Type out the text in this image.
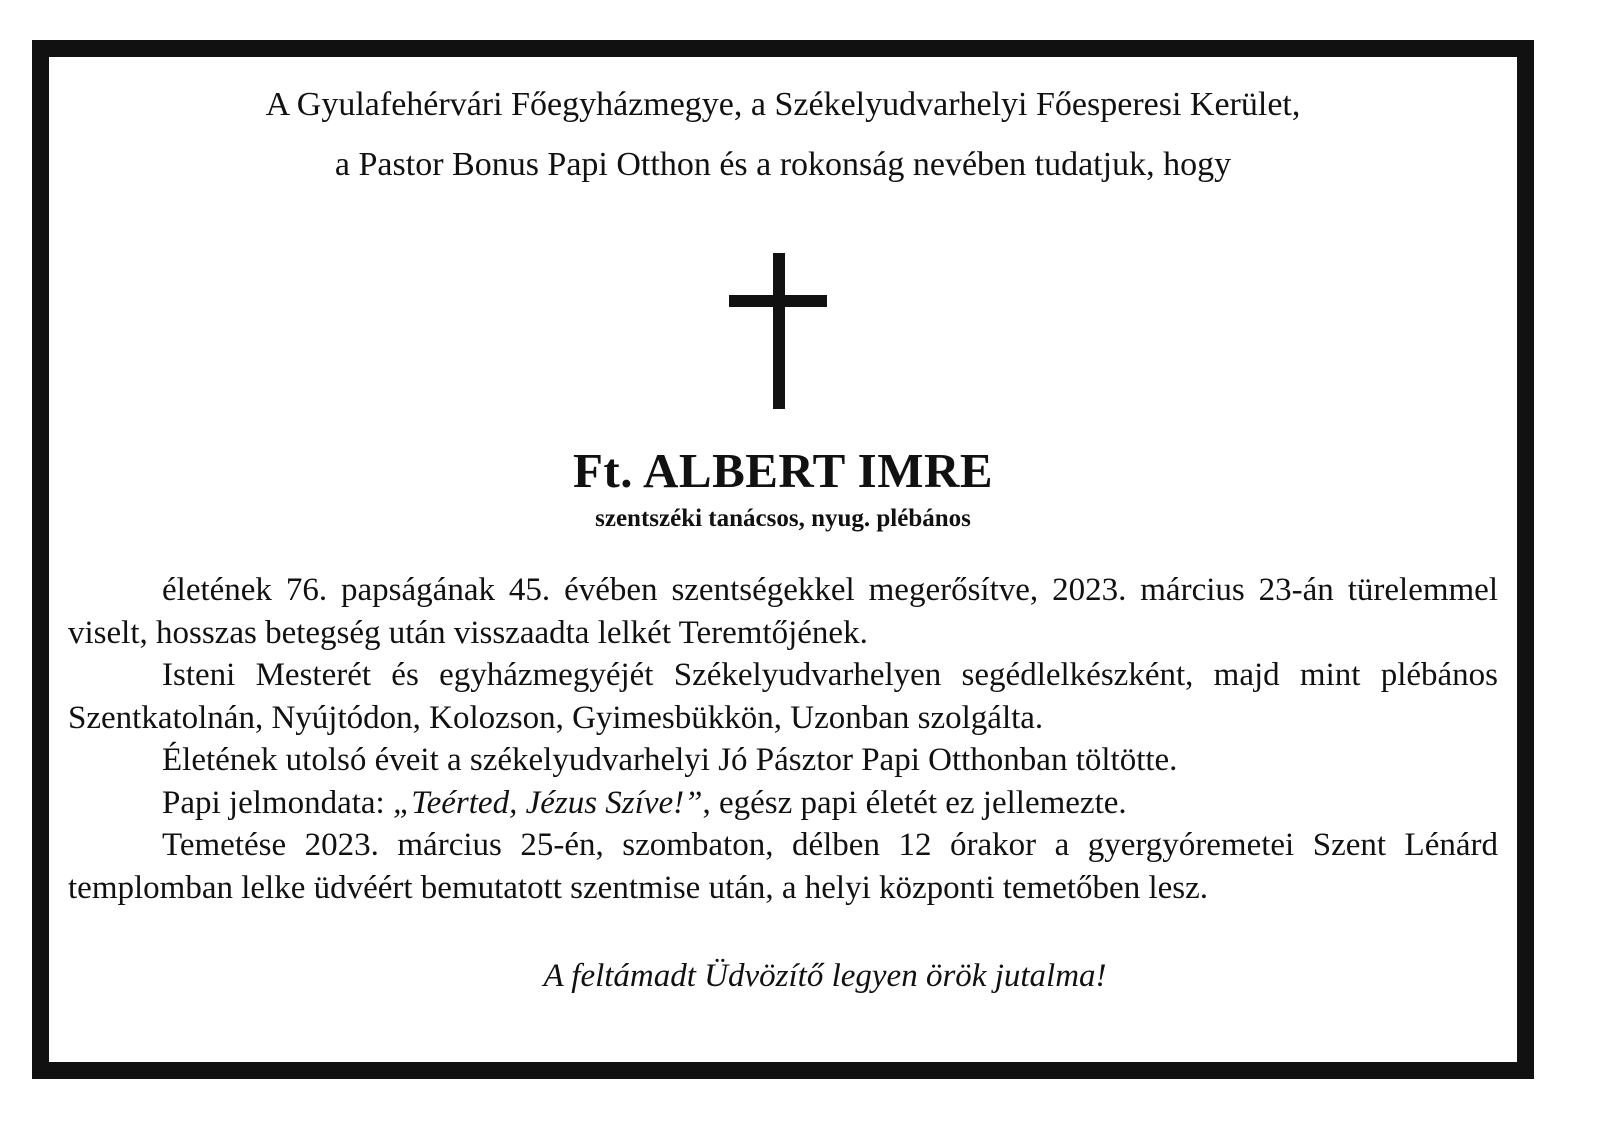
A Gyulafehérvári Főegyházmegye, a Székelyudvarhelyi Főesperesi Kerület,
a Pastor Bonus Papi Otthon és a rokonság nevében tudatjuk, hogy
Ft. ALBERT IMRE
szentszéki tanácsos, nyug. plébános

életének 76. papságának 45. évében szentségekkel megerősítve, 2023. március 23-án türelemmel viselt, hosszas betegség után visszaadta lelkét Teremtőjének.

Isteni Mesterét és egyházmegyéjét Székelyudvarhelyen segédlelkészként, majd mint plébános Szentkatolnán, Nyújtódon, Kolozson, Gyimesbükkön, Uzonban szolgálta.

Életének utolsó éveit a székelyudvarhelyi Jó Pásztor Papi Otthonban töltötte.

Papi jelmondata: „Teérted, Jézus Szíve!”, egész papi életét ez jellemezte.

Temetése 2023. március 25-én, szombaton, délben 12 órakor a gyergyóremetei Szent Lénárd templomban lelke üdvéért bemutatott szentmise után, a helyi központi temetőben lesz.

A feltámadt Üdvözítő legyen örök jutalma!
